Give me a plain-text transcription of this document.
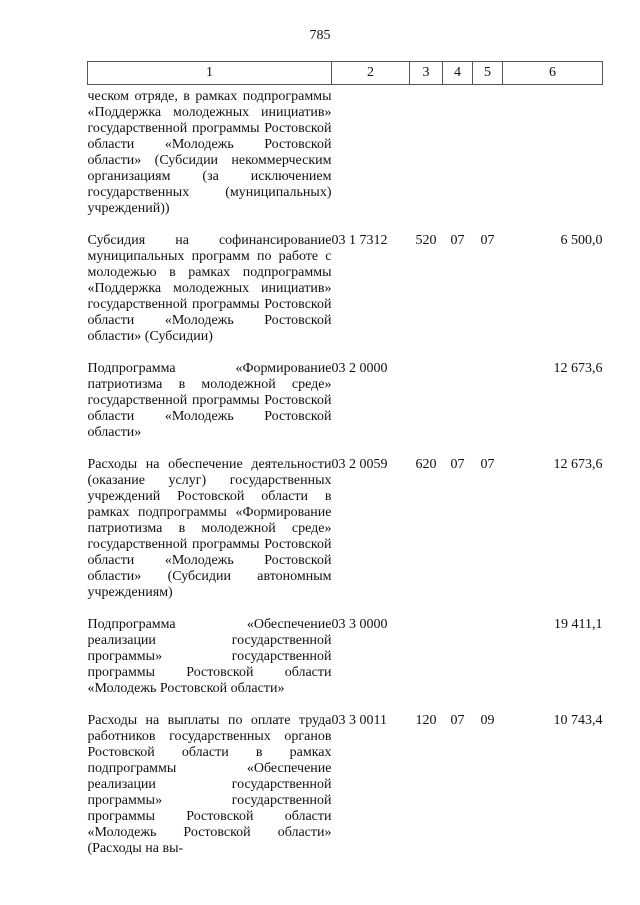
785
1	2	3	4	5	6
ческом отряде, в рамках подпрограммы «Поддержка молодежных инициатив» государственной программы Ростовской области «Молодежь Ростовской области» (Субсидии некоммерческим организациям (за исключением государственных (муниципальных) учреждений))					
Субсидия на софинансирование муниципальных программ по работе с молодежью в рамках подпрограммы «Поддержка молодежных инициатив» государственной программы Ростовской области «Молодежь Ростовской области» (Субсидии)	03 1 7312	520	07	07	6 500,0
Подпрограмма «Формирование патриотизма в молодежной среде» государственной программы Ростовской области «Молодежь Ростовской области»	03 2 0000				12 673,6
Расходы на обеспечение деятельности (оказание услуг) государственных учреждений Ростовской области в рамках подпрограммы «Формирование патриотизма в молодежной среде» государственной программы Ростовской области «Молодежь Ростовской области» (Субсидии автономным учреждениям)	03 2 0059	620	07	07	12 673,6
Подпрограмма «Обеспечение реализации государственной программы» государственной программы Ростовской области «Молодежь Ростовской области»	03 3 0000				19 411,1
Расходы на выплаты по оплате труда работников государственных органов Ростовской области в рамках подпрограммы «Обеспечение реализации государственной программы» государственной программы Ростовской области «Молодежь Ростовской области» (Расходы на вы-	03 3 0011	120	07	09	10 743,4
